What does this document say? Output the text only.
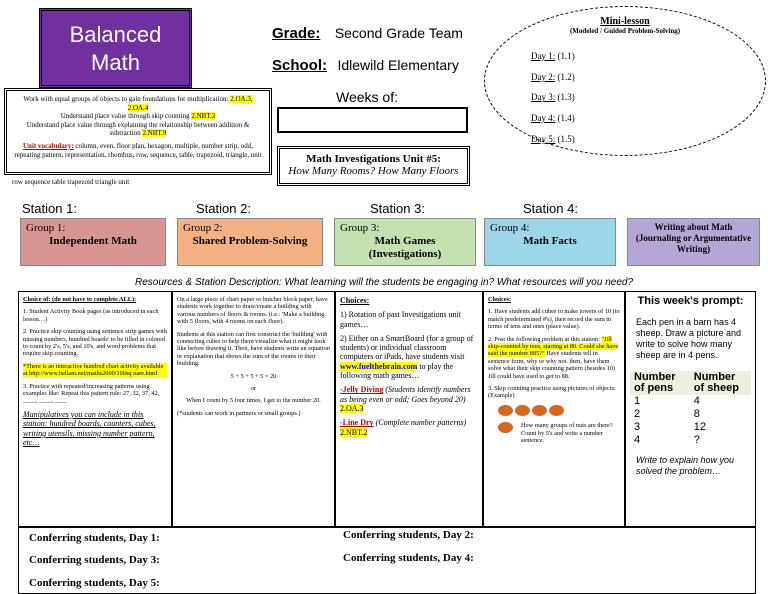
Balanced
Math
Grade: Second Grade Team
School: Idlewild Elementary
Weeks of:
Work with equal groups of objects to gain foundations for multiplication: 2.OA.3, 2.OA.4
Understand place value through skip counting 2.NBT.2
Understand place value through explaining the relationship between addition & subtraction 2.NBT.9
Unit vocabulary: column, even, floor plan, hexagon, multiple, number strip, odd, repeating pattern, representation, rhombus, row, sequence, table, trapezoid, triangle, unit
row sequence table trapezoid triangle unit
Math Investigations Unit #5:
How Many Rooms? How Many Floors
Mini-lesson
(Modeled / Guided Problem-Solving)
Day 1: (1.1)
Day 2: (1.2)
Day 3: (1.3)
Day 4: (1.4)
Day 5: (1.5)
Station 1:	Station 2:	Station 3:	Station 4:
Group 1:
Independent Math
Group 2:
Shared Problem-Solving
Group 3:
Math Games (Investigations)
Group 4:
Math Facts
Writing about Math (Journaling or Argumentative Writing)
Resources & Station Description: What learning will the students be engaging in? What resources will you need?

Choice of: (do not have to complete ALL):

1. Student Activity Book pages (as introduced in each lesson…)

2. Practice skip counting using sentence strip games with missing numbers, hundred boards' to be filled in colored to count by 2's, 5's, and 10's, and word problems that require skip counting.

*There is an interactive hundred chart activity available at http://www.hellam.net/maths2000/100sq uare.html

3. Practice with repeated/increasing patterns using examples like: Repeat this pattern rule: 27, 32, 37, 42, ____, ____, ____

Manipulatives you can include in this station: hundred boards, counters, cubes, writing utensils, missing number pattern, etc…

On a large piece of chart paper or butcher block paper, have students work together to draw/create a building with various numbers of floors & rooms. (i.e.: 'Make a building with 5 floors, with 4 rooms on each floor).

Students at this station can first construct the 'building' with connecting cubes to help them visualize what it might look like before drawing it. Then, have students write an equation or explanation that shows the sum of the rooms in their building.

5 + 5 + 5 + 5 = 20

or

When I count by 5 four times, I get to the number 20.

(*students can work in partners or small groups.)

Choices:

1) Rotation of past Investigations unit games…

2) Either on a SmartBoard (for a group of students) or individual classroom computers or iPads, have students visit www.fuelthebrain.com to play the following math games…

-Jelly Diving (Students identify numbers as being even or odd; Goes beyond 20) 2.OA.3

-Line Dry (Complete number patterns) 2.NBT.2

Choices:

1. Have students add cubes to make towers of 10 (to match predetermined #'s), then record the sum in terms of tens and ones (place value).

2. Post the following problem at this station: "Jill skip-counted by tens, starting at 80. Could she have said the number 885?" Have students tell in sentence form, why or why not. then, have them solve what their skip counting pattern (besides 10) Jill could have used to get to 88.

3. Skip counting practice using pictures of objects: (Example)

How many groups of nuts are there? Count by 5's and write a number sentence.

This week's prompt:

Each pen in a barn has 4 sheep. Draw a picture and write to solve how many sheep are in 4 pens.

Number of pens	Number of sheep
1	4
2	8
3	12
4	?

Write to explain how you solved the problem…

Conferring students, Day 1:	Conferring students, Day 2:
Conferring students, Day 3:	Conferring students, Day 4:
Conferring students, Day 5:
